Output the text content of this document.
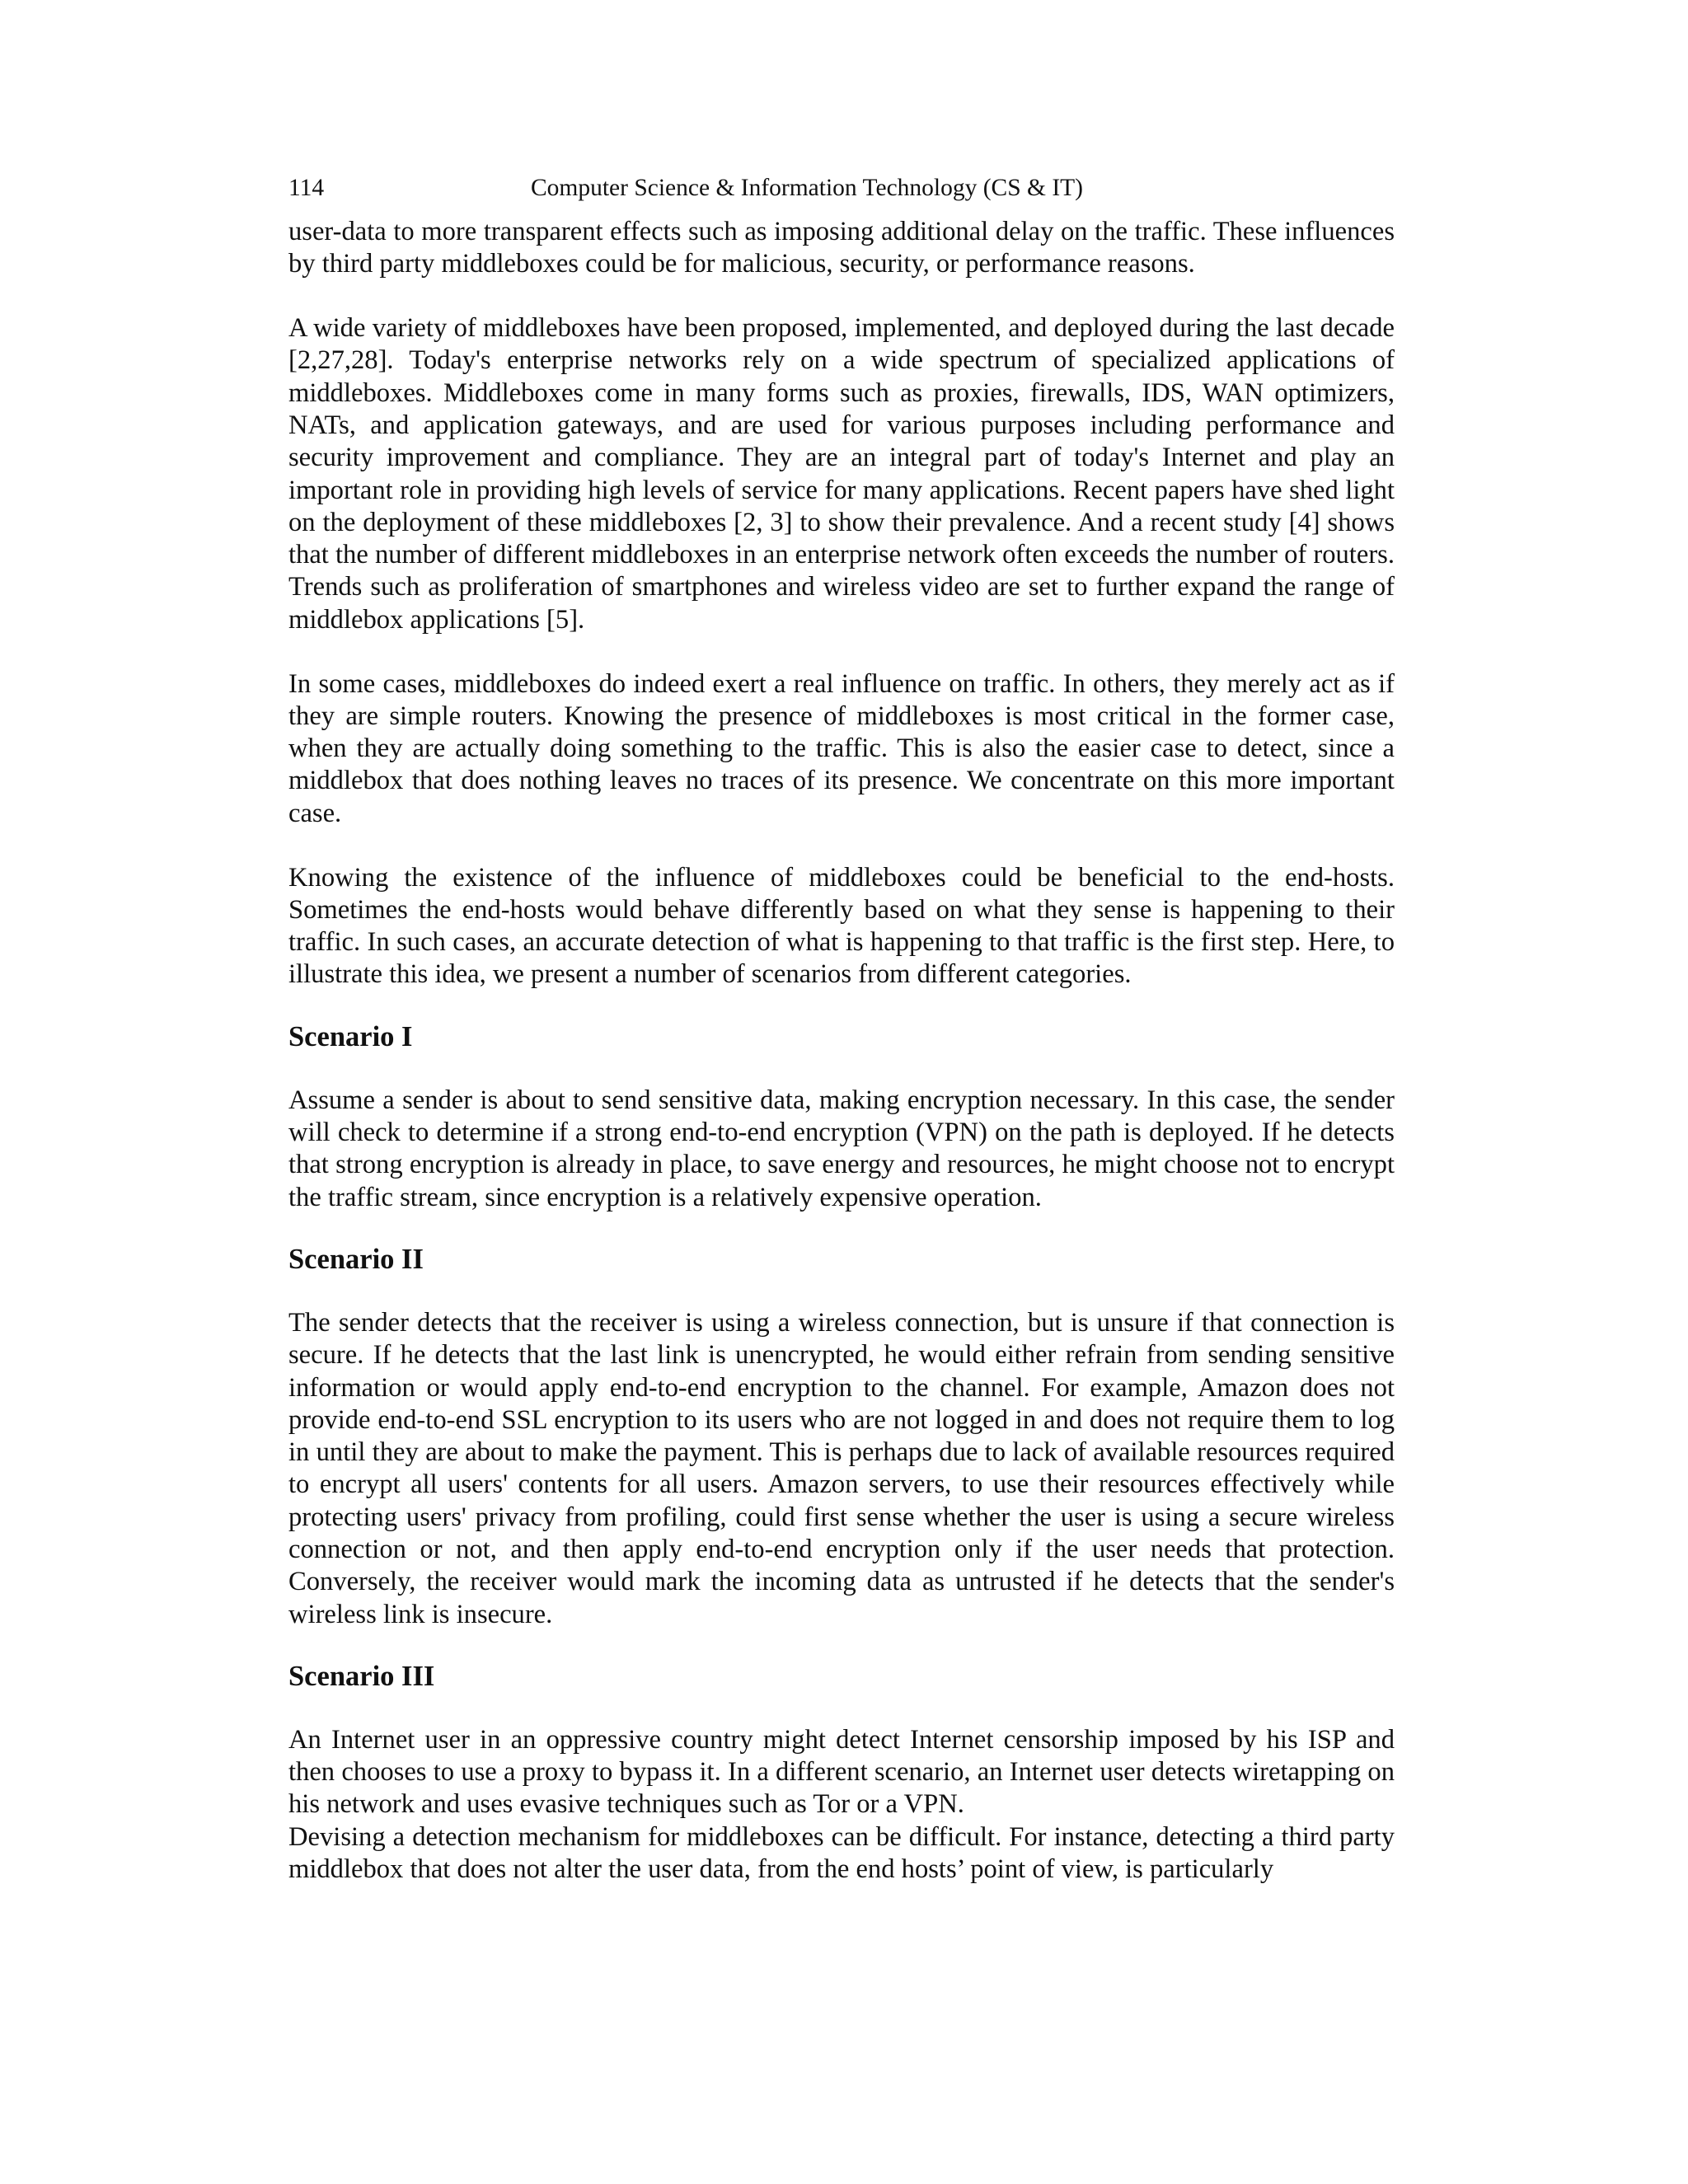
114	Computer Science & Information Technology (CS & IT)

user-data to more transparent effects such as imposing additional delay on the traffic. These influences by third party middleboxes could be for malicious, security, or performance reasons.

A wide variety of middleboxes have been proposed, implemented, and deployed during the last decade [2,27,28]. Today's enterprise networks rely on a wide spectrum of specialized applications of middleboxes. Middleboxes come in many forms such as proxies, firewalls, IDS, WAN optimizers, NATs, and application gateways, and are used for various purposes including performance and security improvement and compliance. They are an integral part of today's Internet and play an important role in providing high levels of service for many applications. Recent papers have shed light on the deployment of these middleboxes [2, 3] to show their prevalence. And a recent study [4] shows that the number of different middleboxes in an enterprise network often exceeds the number of routers. Trends such as proliferation of smartphones and wireless video are set to further expand the range of middlebox applications [5].

In some cases, middleboxes do indeed exert a real influence on traffic. In others, they merely act as if they are simple routers. Knowing the presence of middleboxes is most critical in the former case, when they are actually doing something to the traffic. This is also the easier case to detect, since a middlebox that does nothing leaves no traces of its presence. We concentrate on this more important case.

Knowing the existence of the influence of middleboxes could be beneficial to the end-hosts. Sometimes the end-hosts would behave differently based on what they sense is happening to their traffic. In such cases, an accurate detection of what is happening to that traffic is the first step. Here, to illustrate this idea, we present a number of scenarios from different categories.

Scenario I

Assume a sender is about to send sensitive data, making encryption necessary. In this case, the sender will check to determine if a strong end-to-end encryption (VPN) on the path is deployed. If he detects that strong encryption is already in place, to save energy and resources, he might choose not to encrypt the traffic stream, since encryption is a relatively expensive operation.

Scenario II

The sender detects that the receiver is using a wireless connection, but is unsure if that connection is secure. If he detects that the last link is unencrypted, he would either refrain from sending sensitive information or would apply end-to-end encryption to the channel. For example, Amazon does not provide end-to-end SSL encryption to its users who are not logged in and does not require them to log in until they are about to make the payment. This is perhaps due to lack of available resources required to encrypt all users' contents for all users. Amazon servers, to use their resources effectively while protecting users' privacy from profiling, could first sense whether the user is using a secure wireless connection or not, and then apply end-to-end encryption only if the user needs that protection. Conversely, the receiver would mark the incoming data as untrusted if he detects that the sender's wireless link is insecure.

Scenario III

An Internet user in an oppressive country might detect Internet censorship imposed by his ISP and then chooses to use a proxy to bypass it. In a different scenario, an Internet user detects wiretapping on his network and uses evasive techniques such as Tor or a VPN.

Devising a detection mechanism for middleboxes can be difficult. For instance, detecting a third party middlebox that does not alter the user data, from the end hosts’ point of view, is particularly
